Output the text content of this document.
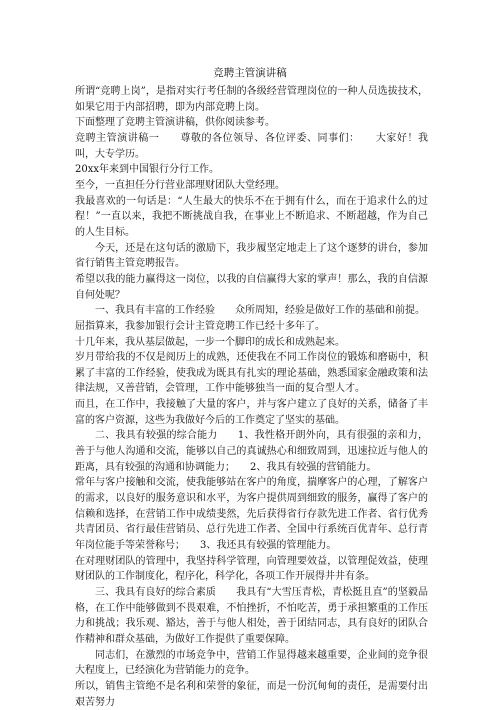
竞聘主管演讲稿

所谓“竞聘上岗”，是指对实行考任制的各级经营管理岗位的一种人员选拔技术，如果它用于内部招聘，即为内部竞聘上岗。

下面整理了竞聘主管演讲稿，供你阅读参考。

竞聘主管演讲稿一　　尊敬的各位领导、各位评委、同事们：　　大家好！我叫，大专学历。

20xx年来到中国银行分行工作。

至今，一直担任分行营业部理财团队大堂经理。

我最喜欢的一句话是：“人生最大的快乐不在于拥有什么，而在于追求什么的过程！”一直以来，我把不断挑战自我，在事业上不断追求、不断超越，作为自己的人生目标。

今天，还是在这句话的激励下，我步履坚定地走上了这个逐梦的讲台，参加省行销售主管竞聘报告。

希望以我的能力赢得这一岗位，以我的自信赢得大家的掌声！那么，我的自信源自何处呢？

一、我具有丰富的工作经验　　众所周知，经验是做好工作的基础和前提。

屈指算来，我参加银行会计主管竞聘工作已经十多年了。

十几年来，我从基层做起，一步一个脚印的成长和成熟起来。

岁月带给我的不仅是阅历上的成熟，还使我在不同工作岗位的锻炼和磨砺中，积累了丰富的工作经验，使我成为既具有扎实的理论基础，熟悉国家金融政策和法律法规，又善营销，会管理，工作中能够独当一面的复合型人才。

而且，在工作中，我接触了大量的客户，并与客户建立了良好的关系，储备了丰富的客户资源，这些为我做好今后的工作奠定了坚实的基础。

二、我具有较强的综合能力　　1、我性格开朗外向，具有很强的亲和力，善于与他人沟通和交流，能够以自己的真诚热心和细致周到，迅速拉近与他人的距离，具有较强的沟通和协调能力；　　2、我具有较强的营销能力。

常年与客户接触和交流，使我能够站在客户的角度，揣摩客户的心理，了解客户的需求，以良好的服务意识和水平，为客户提供周到细致的服务，赢得了客户的信赖和选择，在营销工作中成绩斐然，先后获得省行存款先进工作者、省行优秀共青团员、省行最佳营销员、总行先进工作者、全国中行系统百优青年、总行青年岗位能手等荣誉称号；　　3、我还具有较强的管理能力。

在对理财团队的管理中，我坚持科学管理，向管理要效益，以管理促效益，使理财团队的工作制度化，程序化，科学化，各项工作开展得井井有条。

三、我具有良好的综合素质　　我具有“大雪压青松，青松挺且直”的坚毅品格，在工作中能够做到不畏艰难，不怕挫折，不怕吃苦，勇于承担繁重的工作压力和挑战；我乐观、豁达，善于与他人相处，善于团结同志，具有良好的团队合作精神和群众基础，为做好工作提供了重要保障。

同志们，在激烈的市场竞争中，营销工作显得越来越重要，企业间的竞争很大程度上，已经演化为营销能力的竞争。

所以，销售主管绝不是名利和荣誉的象征，而是一份沉甸甸的责任，是需要付出艰苦努力
